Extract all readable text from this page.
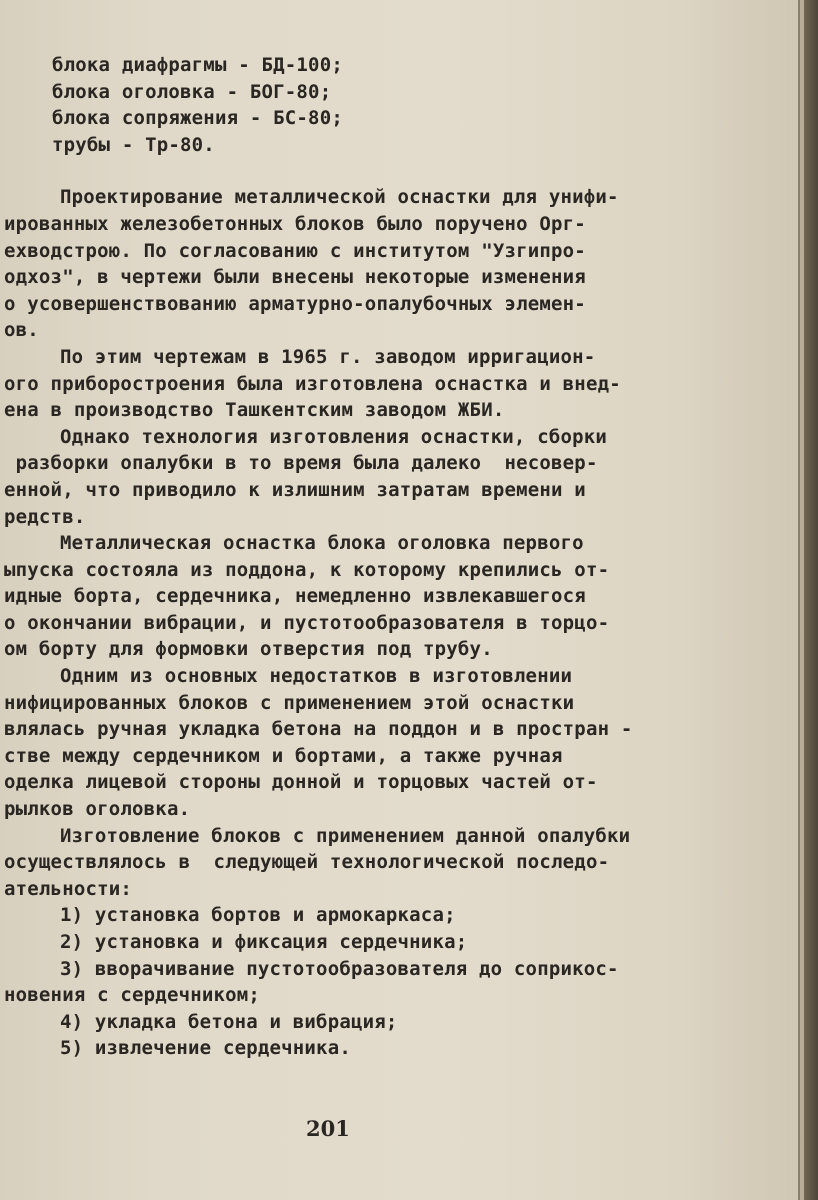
блока диафрагмы - БД-100;
блока оголовка - БОГ-80;
блока сопряжения - БС-80;
трубы - Тр-80.
Проектирование металлической оснастки для унифи-
ированных железобетонных блоков было поручено Орг-
ехводстрою. По согласованию с институтом "Узгипро-
одхоз", в чертежи были внесены некоторые изменения
о усовершенствованию арматурно-опалубочных элемен-
ов.
По этим чертежам в 1965 г. заводом ирригацион-
ого приборостроения была изготовлена оснастка и внед-
ена в производство Ташкентским заводом ЖБИ.
Однако технология изготовления оснастки, сборки
разборки опалубки в то время была далеко  несовер-
енной, что приводило к излишним затратам времени и
редств.
Металлическая оснастка блока оголовка первого
ыпуска состояла из поддона, к которому крепились от-
идные борта, сердечника, немедленно извлекавшегося
о окончании вибрации, и пустотообразователя в торцо-
ом борту для формовки отверстия под трубу.
Одним из основных недостатков в изготовлении
нифицированных блоков с применением этой оснастки
влялась ручная укладка бетона на поддон и в простран -
стве между сердечником и бортами, а также ручная
оделка лицевой стороны донной и торцовых частей от-
рылков оголовка.
Изготовление блоков с применением данной опалубки
осуществлялось в  следующей технологической последо-
ательности:
1) установка бортов и армокаркаса;
2) установка и фиксация сердечника;
3) вворачивание пустотообразователя до соприкос-
новения с сердечником;
4) укладка бетона и вибрация;
5) извлечение сердечника.
201
